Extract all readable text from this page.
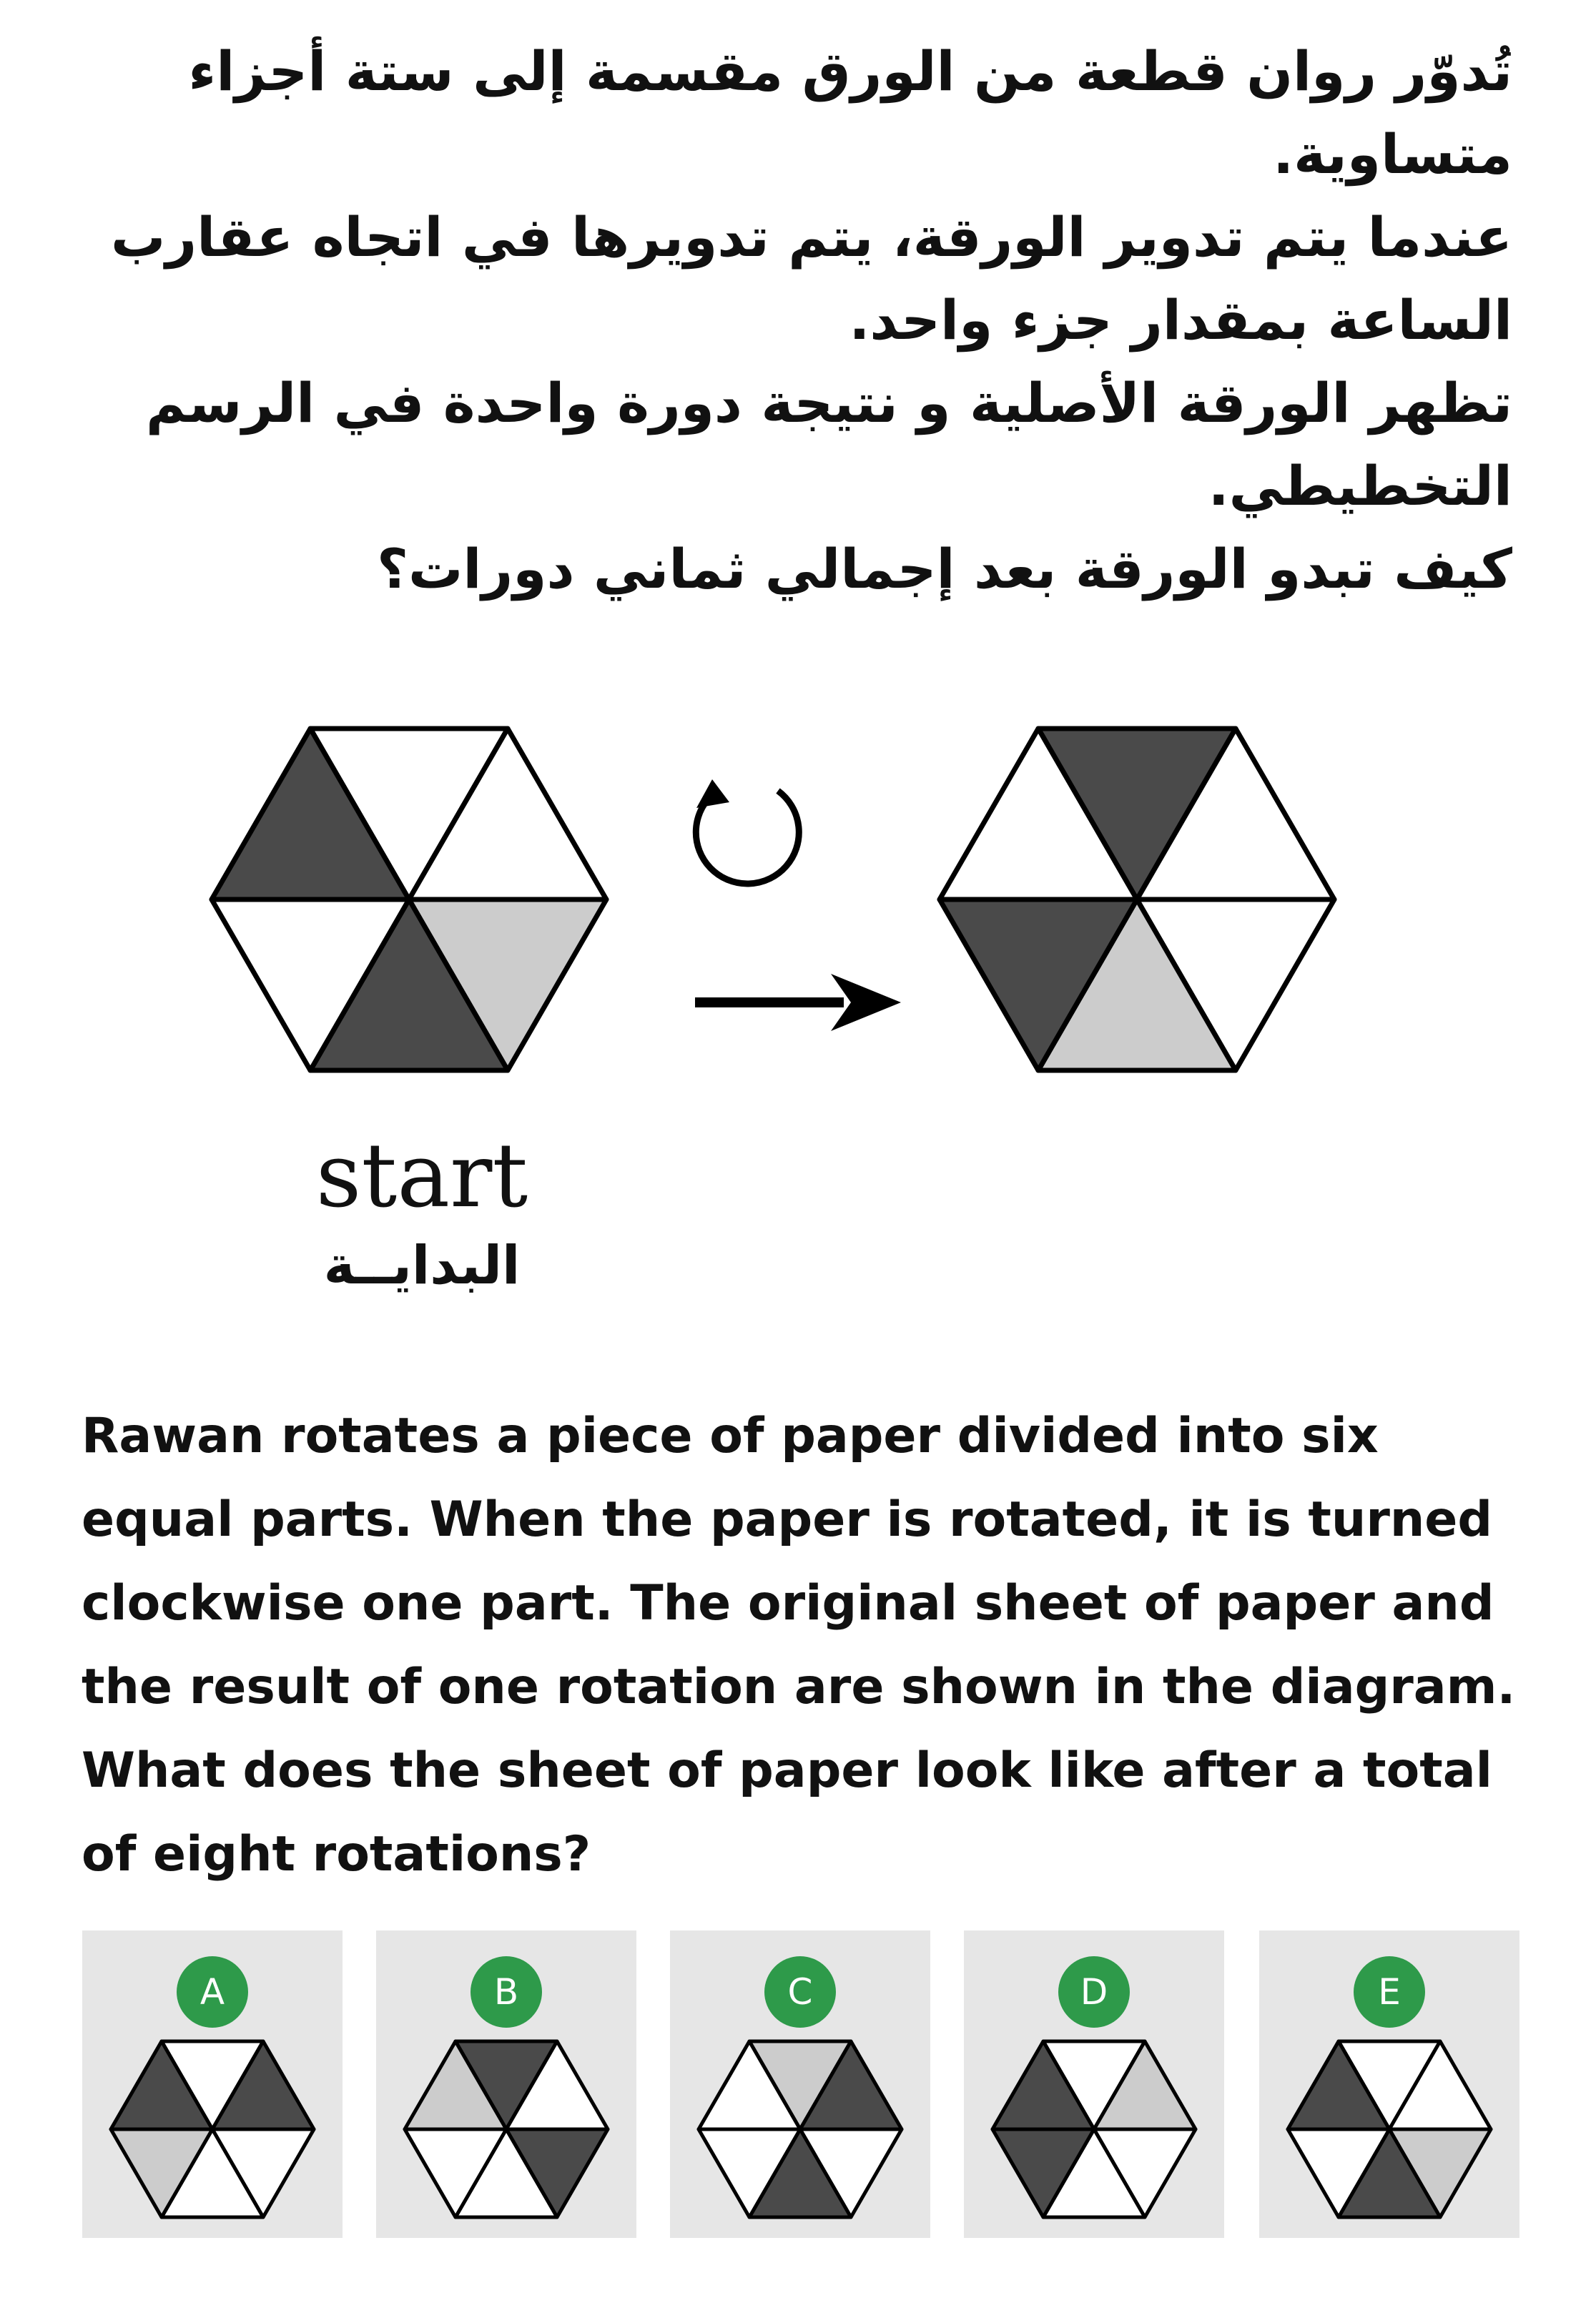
تُدوّر روان قطعة من الورق مقسمة إلى ستة أجزاء
متساوية.
عندما يتم تدوير الورقة، يتم تدويرها في اتجاه عقارب
الساعة بمقدار جزء واحد.
تظهر الورقة الأصلية و نتيجة دورة واحدة في الرسم
التخطيطي.
كيف تبدو الورقة بعد إجمالي ثماني دورات؟
start
البدايــة
Rawan rotates a piece of paper divided into six
equal parts. When the paper is rotated, it is turned
clockwise one part. The original sheet of paper and
the result of one rotation are shown in the diagram.
What does the sheet of paper look like after a total
of eight rotations?
A	B	C	D	E
